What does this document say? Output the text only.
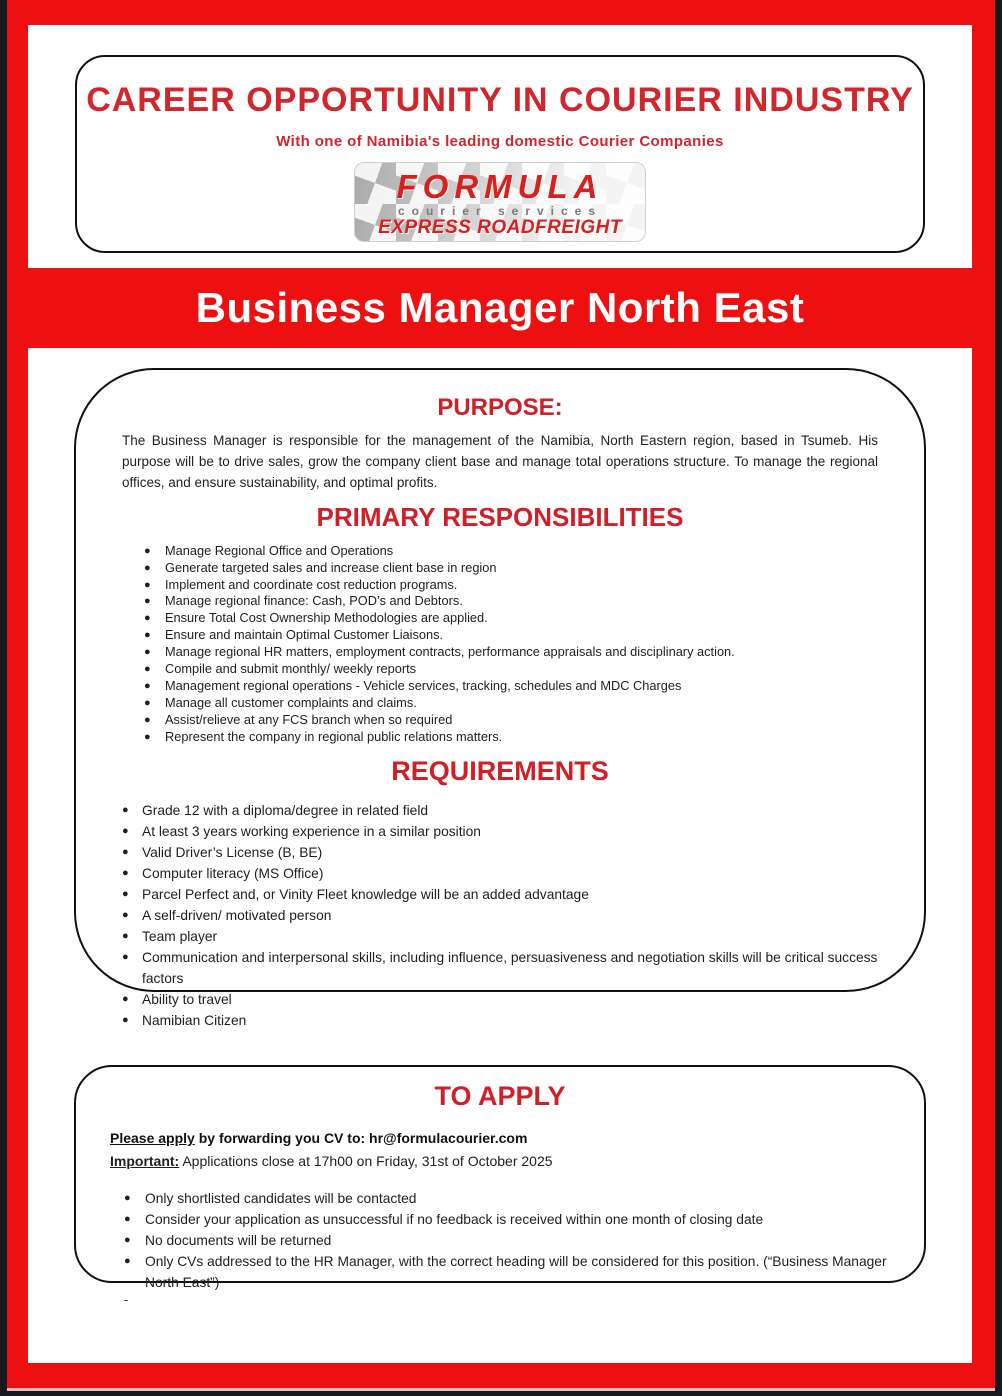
CAREER OPPORTUNITY IN COURIER INDUSTRY
With one of Namibia's leading domestic Courier Companies
FORMULA
courier services
EXPRESS ROADFREIGHT
Business Manager North East
PURPOSE:
The Business Manager is responsible for the management of the Namibia, North Eastern region, based in Tsumeb. His purpose will be to drive sales, grow the company client base and manage total operations structure. To manage the regional offices, and ensure sustainability, and optimal profits.
PRIMARY RESPONSIBILITIES
●	Manage Regional Office and Operations
●	Generate targeted sales and increase client base in region
●	Implement and coordinate cost reduction programs.
●	Manage regional finance: Cash, POD’s and Debtors.
●	Ensure Total Cost Ownership Methodologies are applied.
●	Ensure and maintain Optimal Customer Liaisons.
●	Manage regional HR matters, employment contracts, performance appraisals and disciplinary action.
●	Compile and submit monthly/ weekly reports
●	Management regional operations - Vehicle services, tracking, schedules and MDC Charges
●	Manage all customer complaints and claims.
●	Assist/relieve at any FCS branch when so required
●	Represent the company in regional public relations matters.
REQUIREMENTS
● Grade 12 with a diploma/degree in related field
● At least 3 years working experience in a similar position
● Valid Driver’s License (B, BE)
● Computer literacy (MS Office)
● Parcel Perfect and, or Vinity Fleet knowledge will be an added advantage
● A self-driven/ motivated person
● Team player
● Communication and interpersonal skills, including influence, persuasiveness and negotiation skills will be critical success factors
● Ability to travel
● Namibian Citizen
TO APPLY
Please apply by forwarding you CV to: hr@formulacourier.com
Important: Applications close at 17h00 on Friday, 31st of October 2025
●	Only shortlisted candidates will be contacted
●	Consider your application as unsuccessful if no feedback is received within one month of closing date
●	No documents will be returned
●	Only CVs addressed to the HR Manager, with the correct heading will be considered for this position. (“Business Manager North East”)
-
